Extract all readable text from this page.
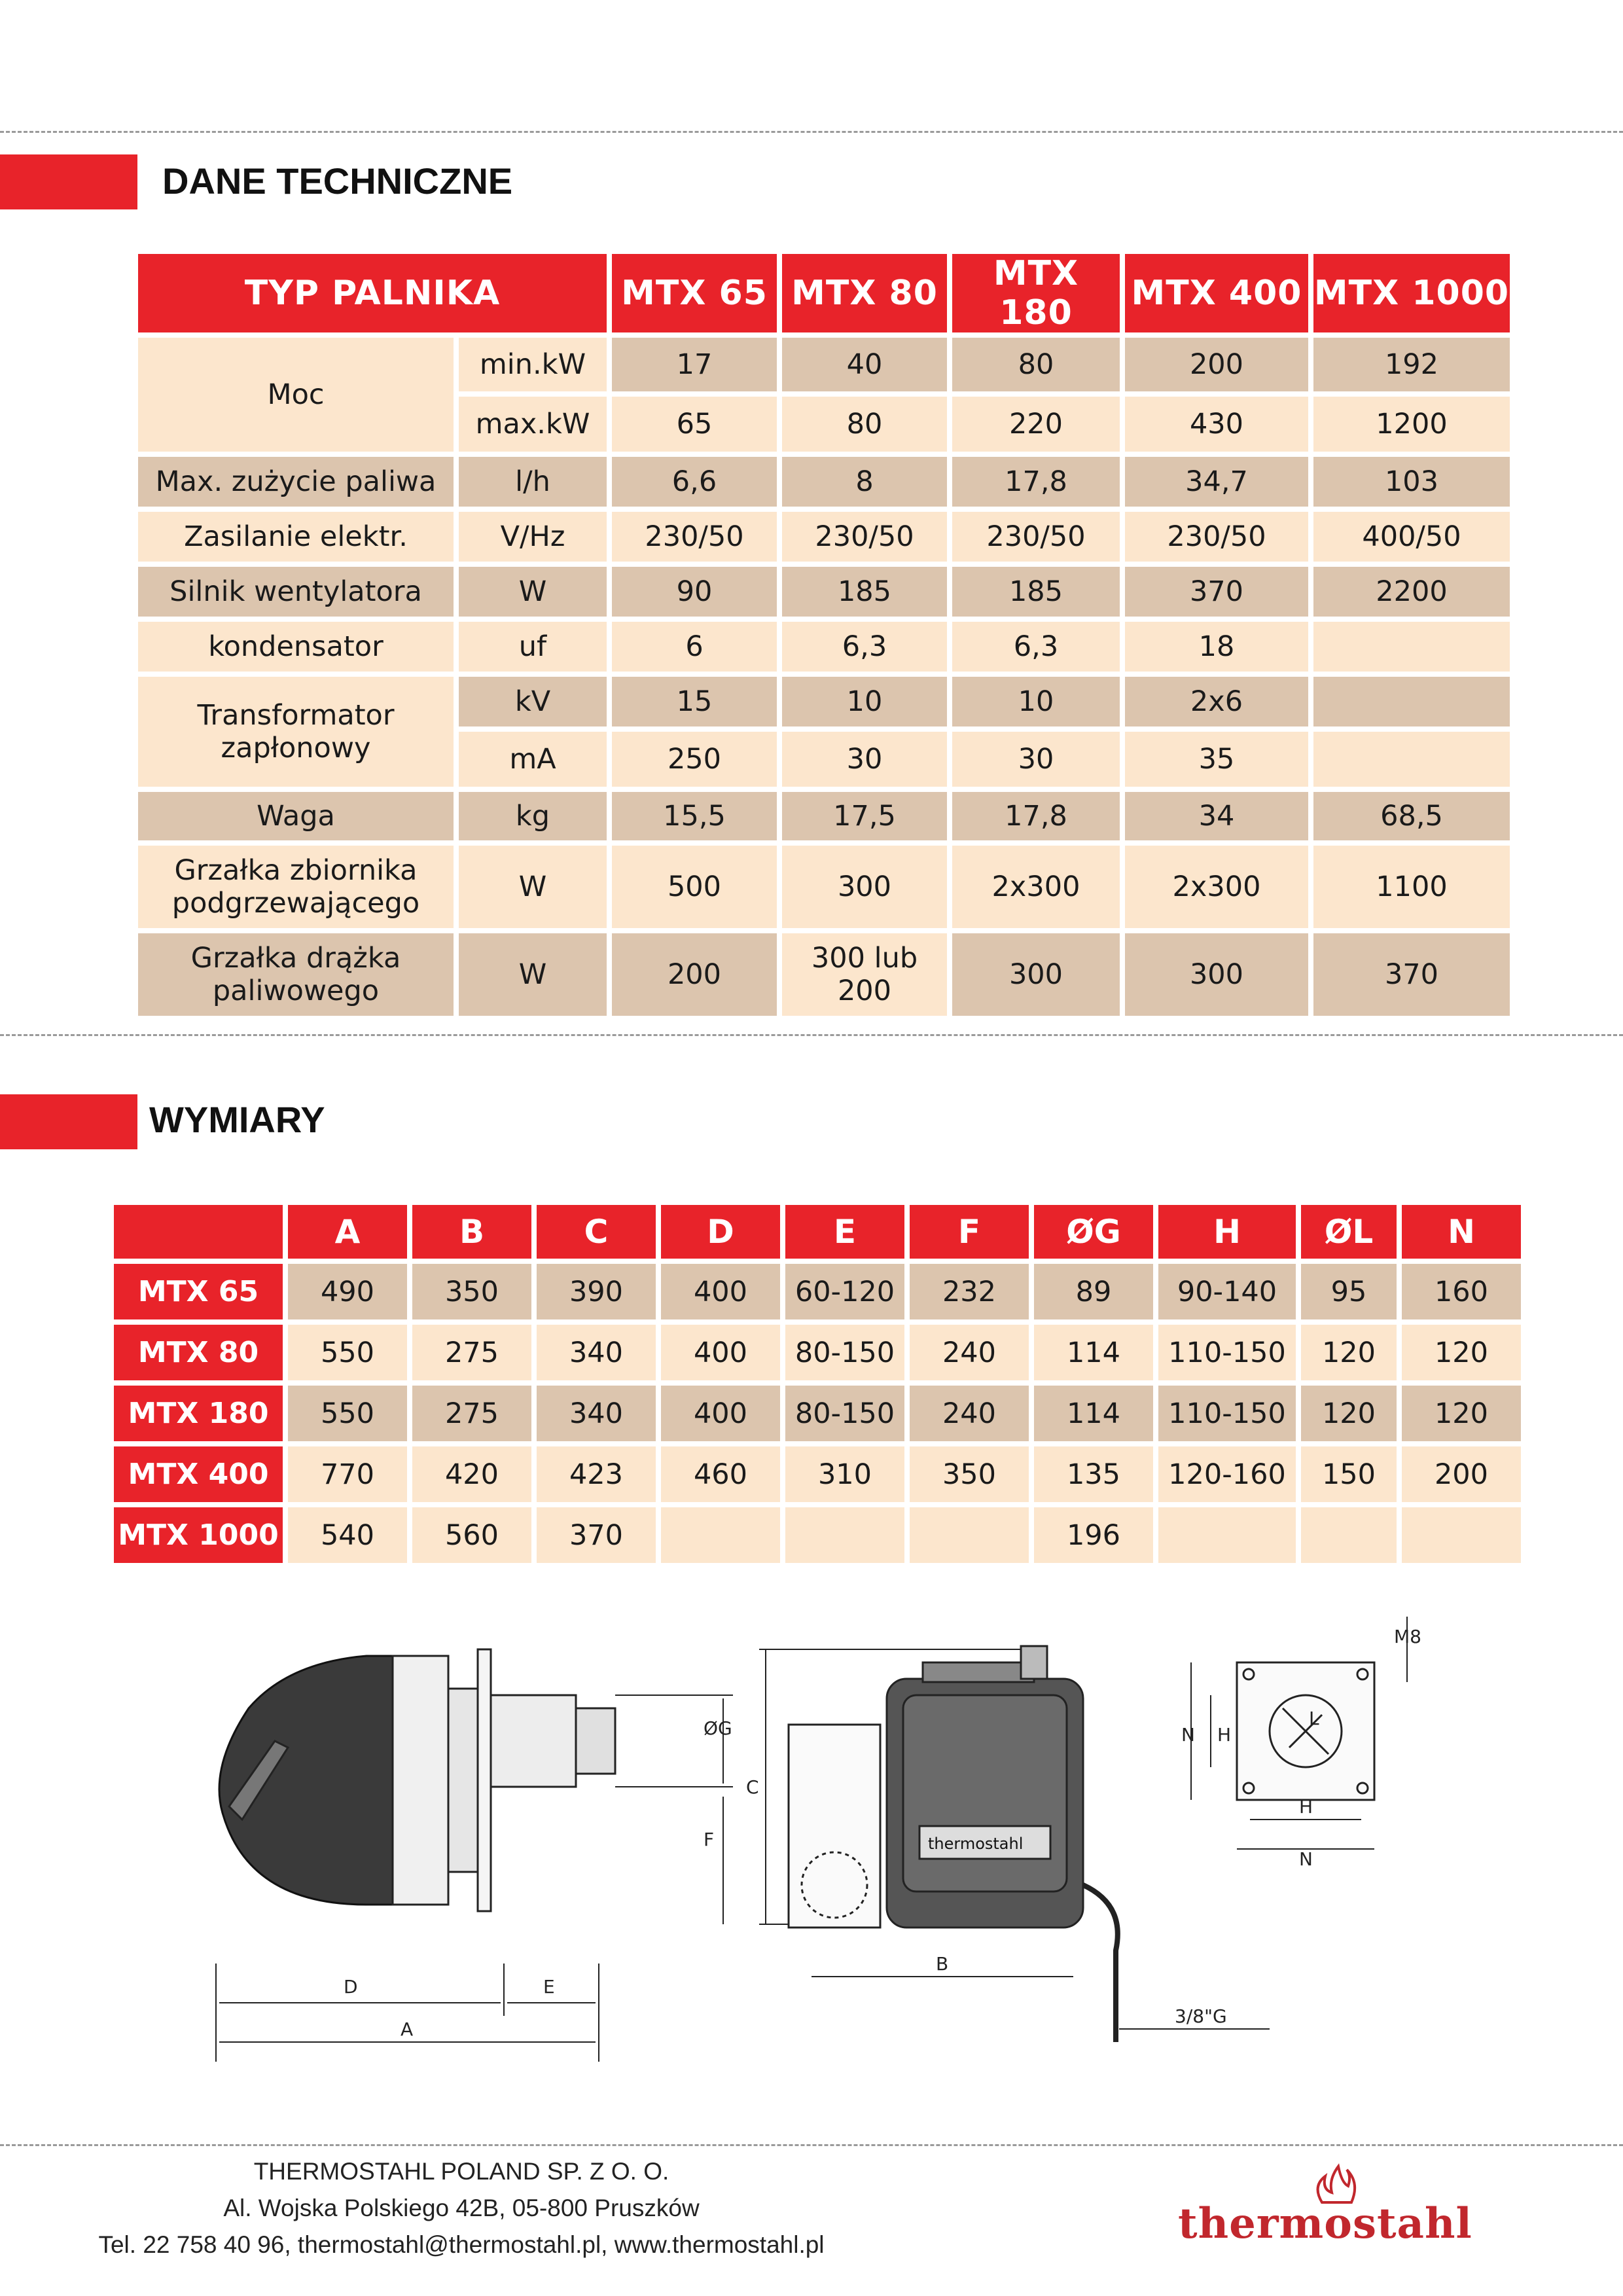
DANE TECHNICZNE
TYP PALNIKA		MTX 65	MTX 80	MTX 180	MTX 400	MTX 1000
Moc	min.kW	17	40	80	200	192
	max.kW	65	80	220	430	1200
Max. zużycie paliwa	l/h	6,6	8	17,8	34,7	103
Zasilanie elektr.	V/Hz	230/50	230/50	230/50	230/50	400/50
Silnik wentylatora	W	90	185	185	370	2200
kondensator	uf	6	6,3	6,3	18	
Transformator zapłonowy	kV	15	10	10	2x6	
	mA	250	30	30	35	
Waga	kg	15,5	17,5	17,8	34	68,5
Grzałka zbiornika podgrzewającego	W	500	300	2x300	2x300	1100
Grzałka drążka paliwowego	W	200	300 lub 200	300	300	370
WYMIARY
	A	B	C	D	E	F	ØG	H	ØL	N
MTX 65	490	350	390	400	60-120	232	89	90-140	95	160
MTX 80	550	275	340	400	80-150	240	114	110-150	120	120
MTX 180	550	275	340	400	80-150	240	114	110-150	120	120
MTX 400	770	420	423	460	310	350	135	120-160	150	200
MTX 1000	540	560	370				196			
D	E
A
ØG
F
C
B
3/8"G
thermostahl
N H
H
N
L
M8
THERMOSTAHL POLAND SP. Z O. O.
Al. Wojska Polskiego 42B, 05-800 Pruszków
Tel. 22 758 40 96, thermostahl@thermostahl.pl, www.thermostahl.pl	thermostahl
